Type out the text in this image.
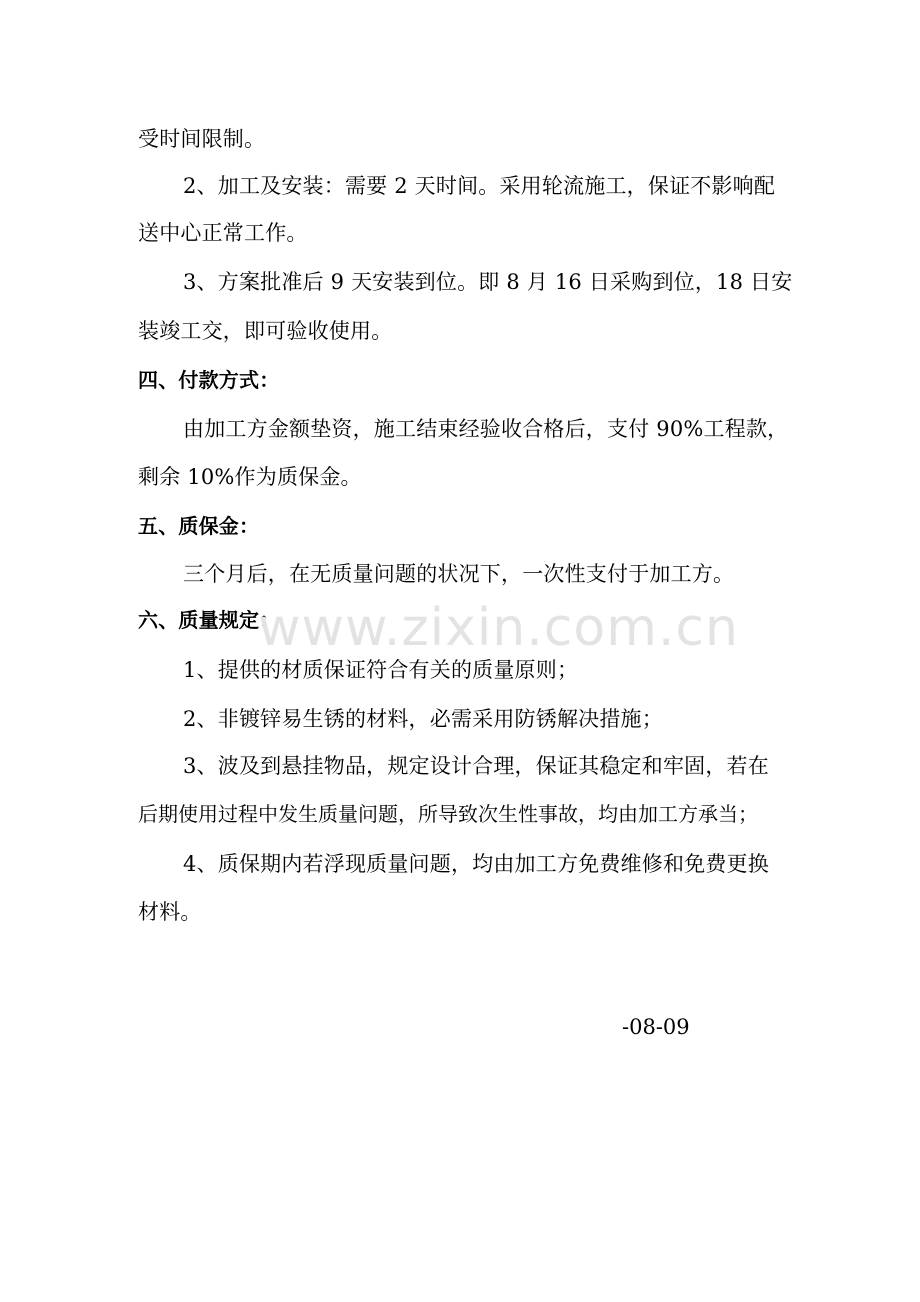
受时间限制。
2、加工及安装：需要 2 天时间。采用轮流施工，保证不影响配
送中心正常工作。
3、方案批准后 9 天安装到位。即 8 月 16 日采购到位，18 日安
装竣工交，即可验收使用。
四、付款方式：
由加工方金额垫资，施工结束经验收合格后，支付 90%工程款，
剩余 10%作为质保金。
五、质保金：
三个月后，在无质量问题的状况下，一次性支付于加工方。
六、质量规定：
1、提供的材质保证符合有关的质量原则；
2、非镀锌易生锈的材料，必需采用防锈解决措施；
3、波及到悬挂物品，规定设计合理，保证其稳定和牢固，若在
后期使用过程中发生质量问题，所导致次生性事故，均由加工方承当；
4、质保期内若浮现质量问题，均由加工方免费维修和免费更换
材料。
-08-09
www.zixin.com.cn
